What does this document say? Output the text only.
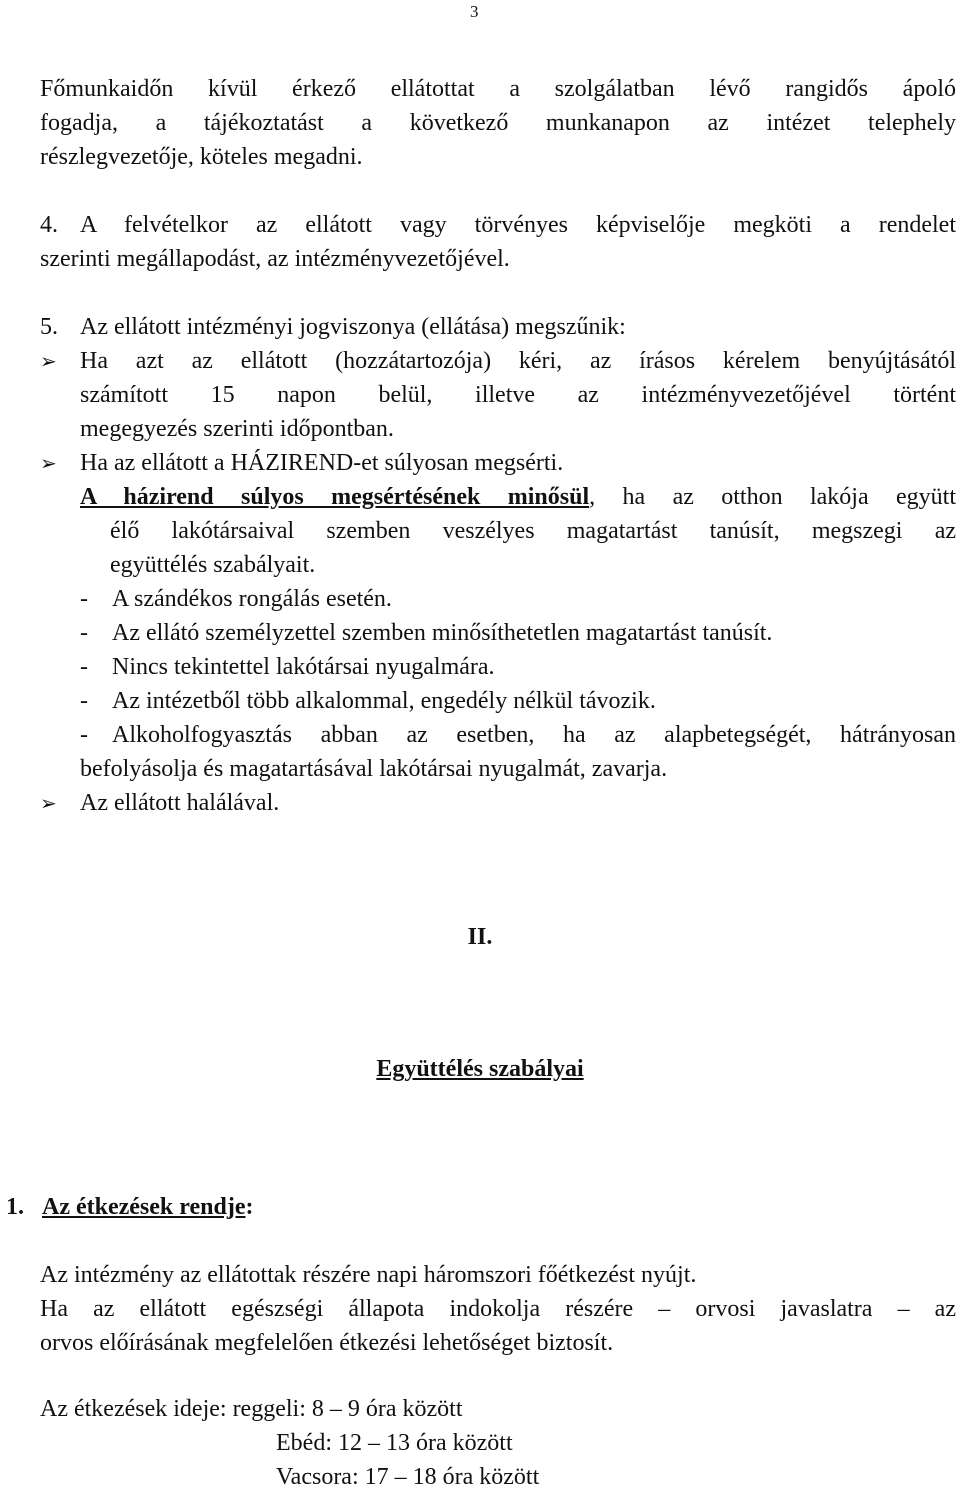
3
Főmunkaidőn kívül érkező ellátottat a szolgálatban lévő rangidős ápoló
fogadja, a tájékoztatást a következő munkanapon az intézet telephely
részlegvezetője, köteles megadni.
4. A felvételkor az ellátott vagy törvényes képviselője megköti a rendelet
szerinti megállapodást, az intézményvezetőjével.
5. Az ellátott intézményi jogviszonya (ellátása) megszűnik:
➢ Ha azt az ellátott (hozzátartozója) kéri, az írásos kérelem benyújtásától
számított 15 napon belül, illetve az intézményvezetőjével történt
megegyezés szerinti időpontban.
➢ Ha az ellátott a HÁZIREND-et súlyosan megsérti.
A házirend súlyos megsértésének minősül, ha az otthon lakója együtt
élő lakótársaival szemben veszélyes magatartást tanúsít, megszegi az
együttélés szabályait.
- A szándékos rongálás esetén.
- Az ellátó személyzettel szemben minősíthetetlen magatartást tanúsít.
- Nincs tekintettel lakótársai nyugalmára.
- Az intézetből több alkalommal, engedély nélkül távozik.
-	Alkoholfogyasztás abban az esetben, ha az alapbetegségét, hátrányosan
befolyásolja és magatartásával lakótársai nyugalmát, zavarja.
➢ Az ellátott halálával.
II.
Együttélés szabályai
1. Az étkezések rendje:
Az intézmény az ellátottak részére napi háromszori főétkezést nyújt.
Ha az ellátott egészségi állapota indokolja részére – orvosi javaslatra – az
orvos előírásának megfelelően étkezési lehetőséget biztosít.
Az étkezések ideje: reggeli: 8 – 9 óra között
Ebéd: 12 – 13 óra között
Vacsora: 17 – 18 óra között
